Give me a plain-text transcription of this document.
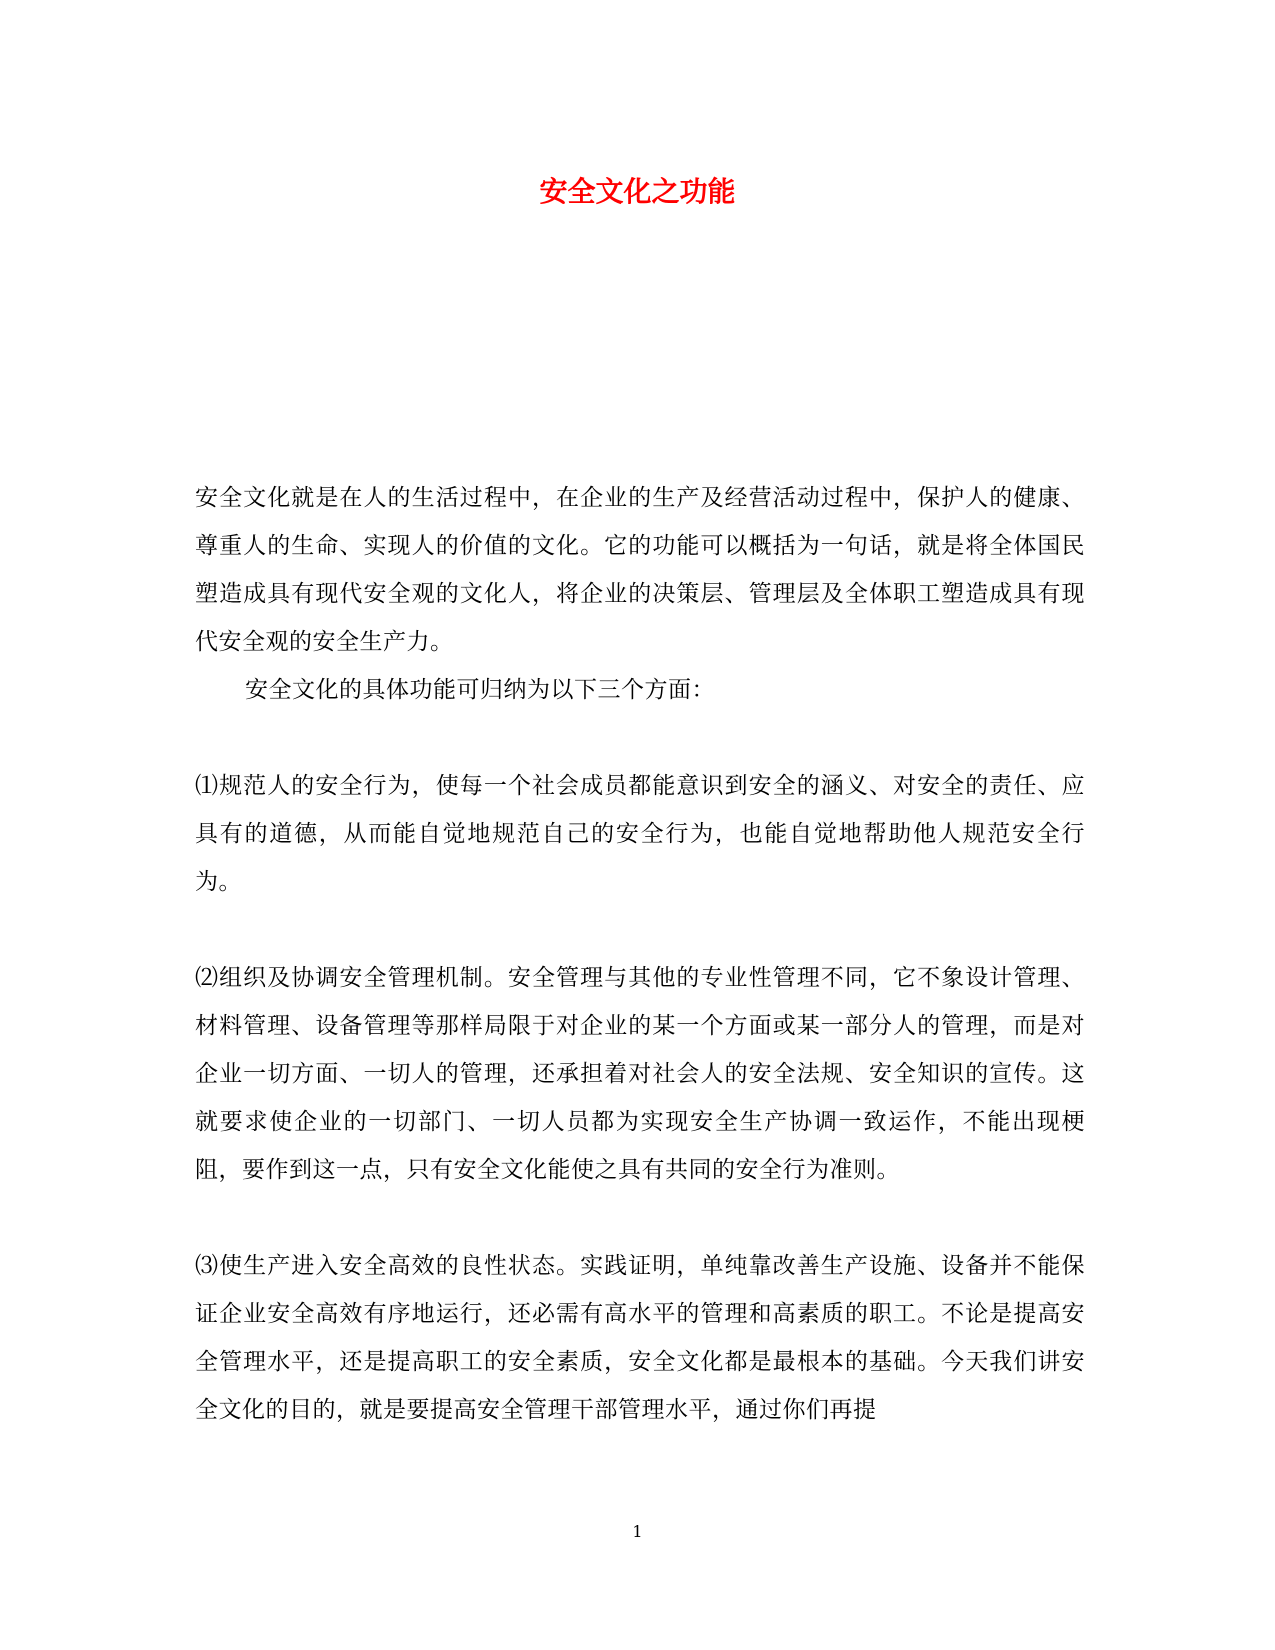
安全文化之功能

安全文化就是在人的生活过程中，在企业的生产及经营活动过程中，保护人的健康、尊重人的生命、实现人的价值的文化。它的功能可以概括为一句话，就是将全体国民塑造成具有现代安全观的文化人，将企业的决策层、管理层及全体职工塑造成具有现代安全观的安全生产力。

安全文化的具体功能可归纳为以下三个方面：

⑴规范人的安全行为，使每一个社会成员都能意识到安全的涵义、对安全的责任、应具有的道德，从而能自觉地规范自己的安全行为，也能自觉地帮助他人规范安全行为。

⑵组织及协调安全管理机制。安全管理与其他的专业性管理不同，它不象设计管理、材料管理、设备管理等那样局限于对企业的某一个方面或某一部分人的管理，而是对企业一切方面、一切人的管理，还承担着对社会人的安全法规、安全知识的宣传。这就要求使企业的一切部门、一切人员都为实现安全生产协调一致运作，不能出现梗阻，要作到这一点，只有安全文化能使之具有共同的安全行为准则。

⑶使生产进入安全高效的良性状态。实践证明，单纯靠改善生产设施、设备并不能保证企业安全高效有序地运行，还必需有高水平的管理和高素质的职工。不论是提高安全管理水平，还是提高职工的安全素质，安全文化都是最根本的基础。今天我们讲安全文化的目的，就是要提高安全管理干部管理水平，通过你们再提

1
